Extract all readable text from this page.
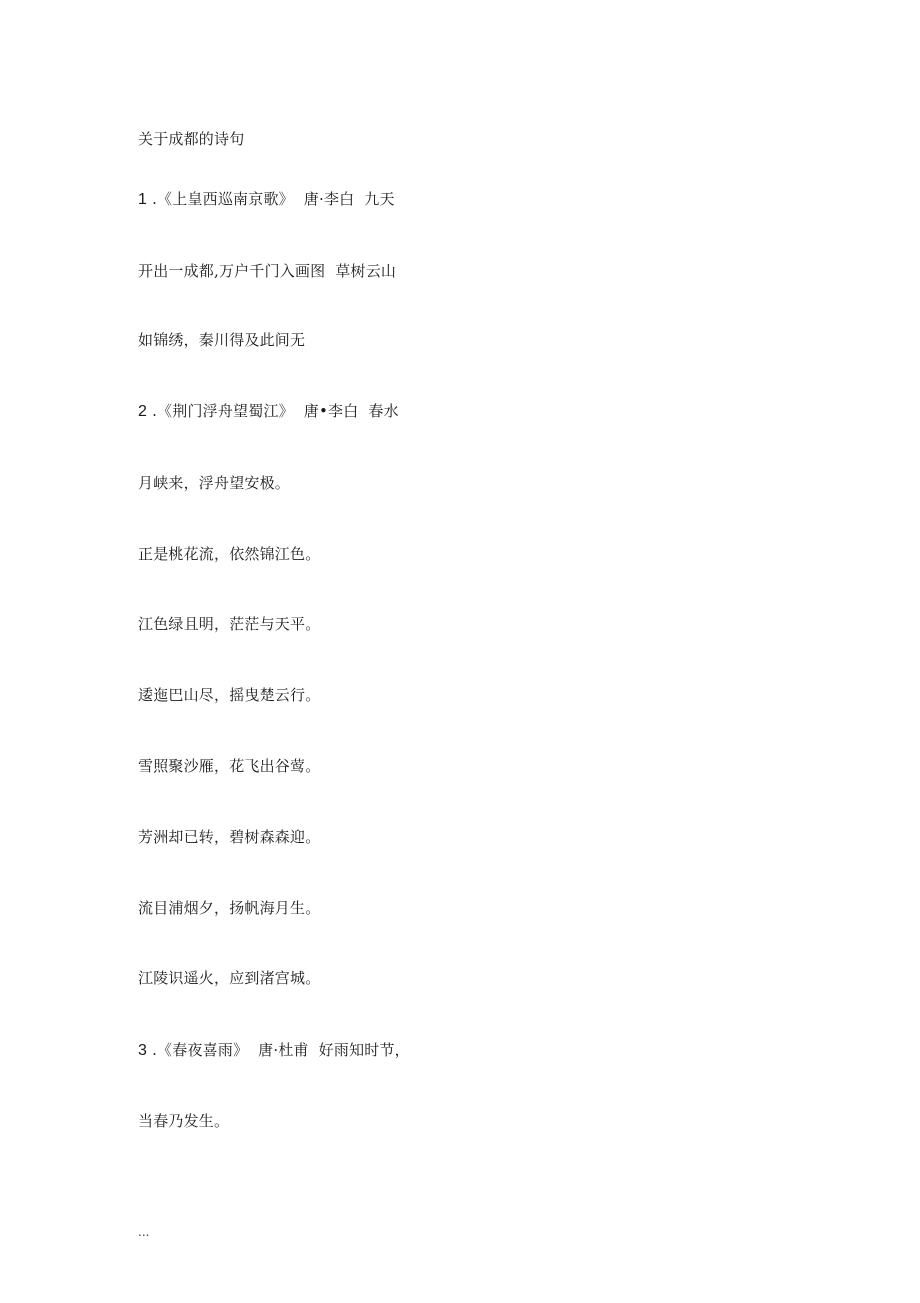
关于成都的诗句
1 .《上皇西巡南京歌》  唐·李白  九天
开出一成都,万户千门入画图  草树云山
如锦绣，秦川得及此间无
2 .《荆门浮舟望蜀江》  唐•李白  春水
月峡来，浮舟望安极。
正是桃花流，依然锦江色。
江色绿且明，茫茫与天平。
逶迤巴山尽，摇曳楚云行。
雪照聚沙雁，花飞出谷莺。
芳洲却已转，碧树森森迎。
流目浦烟夕，扬帆海月生。
江陵识遥火，应到渚宫城。
3 .《春夜喜雨》  唐·杜甫  好雨知时节，
当春乃发生。
...
